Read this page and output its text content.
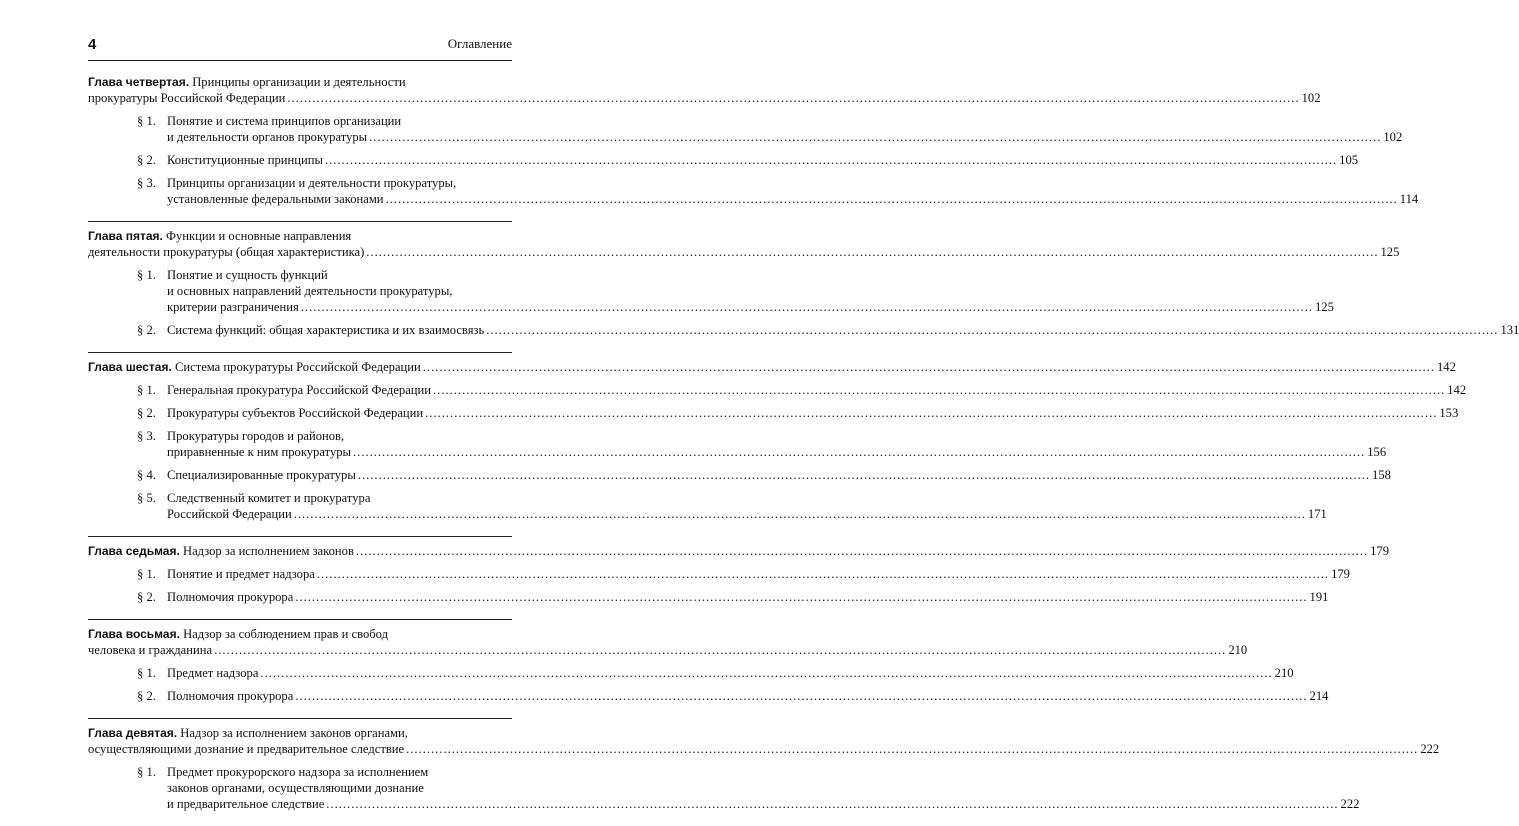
4	Оглавление
Глава четвертая. Принципы организации и деятельности
прокуратуры Российской Федерации .....	102
§ 1. Понятие и система принципов организации
и деятельности органов прокуратуры .....	102
§ 2. Конституционные принципы .....	105
§ 3. Принципы организации и деятельности прокуратуры,
установленные федеральными законами .....	114
Глава пятая. Функции и основные направления
деятельности прокуратуры (общая характеристика) .....	125
§ 1. Понятие и сущность функций
и основных направлений деятельности прокуратуры,
критерии разграничения .....	125
§ 2. Система функций: общая характеристика и их взаимосвязь .....	131
Глава шестая. Система прокуратуры Российской Федерации .....	142
§ 1. Генеральная прокуратура Российской Федерации .....	142
§ 2. Прокуратуры субъектов Российской Федерации .....	153
§ 3. Прокуратуры городов и районов,
приравненные к ним прокуратуры .....	156
§ 4. Специализированные прокуратуры .....	158
§ 5. Следственный комитет и прокуратура
Российской Федерации .....	171
Глава седьмая. Надзор за исполнением законов .....	179
§ 1. Понятие и предмет надзора .....	179
§ 2. Полномочия прокурора .....	191
Глава восьмая. Надзор за соблюдением прав и свобод
человека и гражданина .....	210
§ 1. Предмет надзора .....	210
§ 2. Полномочия прокурора .....	214
Глава девятая. Надзор за исполнением законов органами,
осуществляющими дознание и предварительное следствие .....	222
§ 1. Предмет прокурорского надзора за исполнением
законов органами, осуществляющими дознание
и предварительное следствие .....	222
